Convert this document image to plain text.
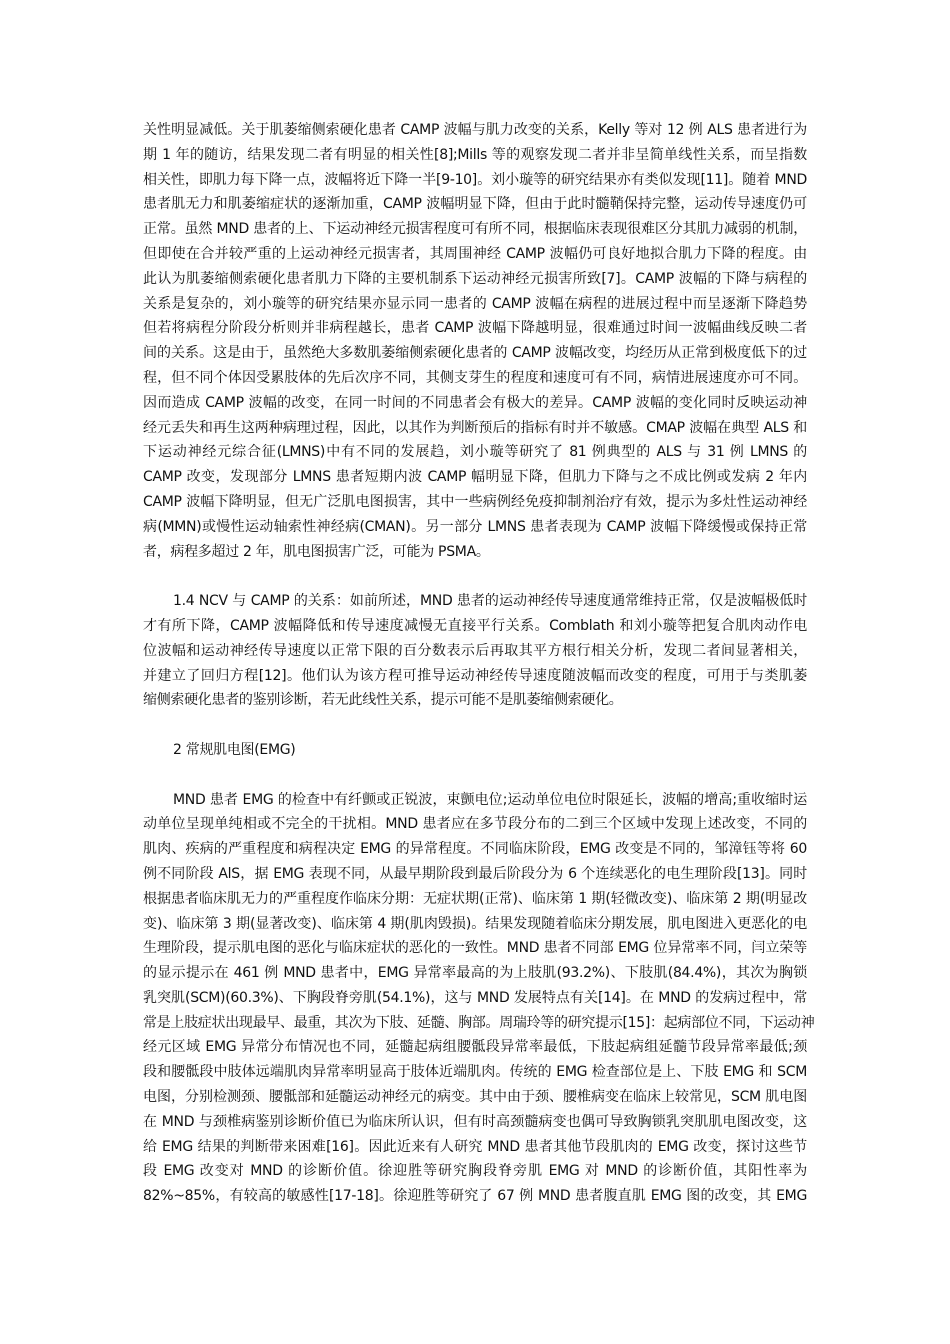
关性明显减低。关于肌萎缩侧索硬化患者 CAMP 波幅与肌力改变的关系，Kelly 等对 12 例 ALS 患者进行为
期 1 年的随访，结果发现二者有明显的相关性[8];Mills 等的观察发现二者并非呈简单线性关系，而呈指数
相关性，即肌力每下降一点，波幅将近下降一半[9-10]。刘小璇等的研究结果亦有类似发现[11]。随着 MND
患者肌无力和肌萎缩症状的逐渐加重，CAMP 波幅明显下降，但由于此时髓鞘保持完整，运动传导速度仍可
正常。虽然 MND 患者的上、下运动神经元损害程度可有所不同，根据临床表现很难区分其肌力减弱的机制，
但即使在合并较严重的上运动神经元损害者，其周围神经 CAMP 波幅仍可良好地拟合肌力下降的程度。由
此认为肌萎缩侧索硬化患者肌力下降的主要机制系下运动神经元损害所致[7]。CAMP 波幅的下降与病程的
关系是复杂的，刘小璇等的研究结果亦显示同一患者的 CAMP 波幅在病程的进展过程中而呈逐渐下降趋势
但若将病程分阶段分析则并非病程越长，患者 CAMP 波幅下降越明显，很难通过时间一波幅曲线反映二者
间的关系。这是由于，虽然绝大多数肌萎缩侧索硬化患者的 CAMP 波幅改变，均经历从正常到极度低下的过
程，但不同个体因受累肢体的先后次序不同，其侧支芽生的程度和速度可有不同，病情进展速度亦可不同。
因而造成 CAMP 波幅的改变，在同一时间的不同患者会有极大的差异。CAMP 波幅的变化同时反映运动神
经元丢失和再生这两种病理过程，因此，以其作为判断预后的指标有时并不敏感。CMAP 波幅在典型 ALS 和
下运动神经元综合征(LMNS)中有不同的发展趋，刘小璇等研究了 81 例典型的 ALS 与 31 例 LMNS 的
CAMP 改变，发现部分 LMNS 患者短期内波 CAMP 幅明显下降，但肌力下降与之不成比例或发病 2 年内
CAMP 波幅下降明显，但无广泛肌电图损害，其中一些病例经免疫抑制剂治疗有效，提示为多灶性运动神经
病(MMN)或慢性运动轴索性神经病(CMAN)。另一部分 LMNS 患者表现为 CAMP 波幅下降缓慢或保持正常
者，病程多超过 2 年，肌电图损害广泛，可能为 PSMA。
1.4 NCV 与 CAMP 的关系：如前所述，MND 患者的运动神经传导速度通常维持正常，仅是波幅极低时
才有所下降，CAMP 波幅降低和传导速度减慢无直接平行关系。Comblath 和刘小璇等把复合肌肉动作电
位波幅和运动神经传导速度以正常下限的百分数表示后再取其平方根行相关分析，发现二者间显著相关，
并建立了回归方程[12]。他们认为该方程可推导运动神经传导速度随波幅而改变的程度，可用于与类肌萎
缩侧索硬化患者的鉴别诊断，若无此线性关系，提示可能不是肌萎缩侧索硬化。
2 常规肌电图(EMG)
MND 患者 EMG 的检查中有纤颤或正锐波，束颤电位;运动单位电位时限延长，波幅的增高;重收缩时运
动单位呈现单纯相或不完全的干扰相。MND 患者应在多节段分布的二到三个区域中发现上述改变，不同的
肌肉、疾病的严重程度和病程决定 EMG 的异常程度。不同临床阶段，EMG 改变是不同的，邹漳钰等将 60
例不同阶段 AlS，据 EMG 表现不同，从最早期阶段到最后阶段分为 6 个连续恶化的电生理阶段[13]。同时
根据患者临床肌无力的严重程度作临床分期：无症状期(正常)、临床第 1 期(轻微改变)、临床第 2 期(明显改
变)、临床第 3 期(显著改变)、临床第 4 期(肌肉毁损)。结果发现随着临床分期发展，肌电图进入更恶化的电
生理阶段，提示肌电图的恶化与临床症状的恶化的一致性。MND 患者不同部 EMG 位异常率不同，闫立荣等
的显示提示在 461 例 MND 患者中，EMG 异常率最高的为上肢肌(93.2%)、下肢肌(84.4%)，其次为胸锁
乳突肌(SCM)(60.3%)、下胸段脊旁肌(54.1%)，这与 MND 发展特点有关[14]。在 MND 的发病过程中，常
常是上肢症状出现最早、最重，其次为下肢、延髓、胸部。周瑞玲等的研究提示[15]：起病部位不同，下运动神
经元区域 EMG 异常分布情况也不同，延髓起病组腰骶段异常率最低，下肢起病组延髓节段异常率最低;颈
段和腰骶段中肢体远端肌肉异常率明显高于肢体近端肌肉。传统的 EMG 检查部位是上、下肢 EMG 和 SCM
电图，分别检测颈、腰骶部和延髓运动神经元的病变。其中由于颈、腰椎病变在临床上较常见，SCM 肌电图
在 MND 与颈椎病鉴别诊断价值已为临床所认识，但有时高颈髓病变也偶可导致胸锁乳突肌肌电图改变，这
给 EMG 结果的判断带来困难[16]。因此近来有人研究 MND 患者其他节段肌肉的 EMG 改变，探讨这些节
段 EMG 改变对 MND 的诊断价值。徐迎胜等研究胸段脊旁肌 EMG 对 MND 的诊断价值，其阳性率为
82%~85%，有较高的敏感性[17-18]。徐迎胜等研究了 67 例 MND 患者腹直肌 EMG 图的改变，其 EMG
